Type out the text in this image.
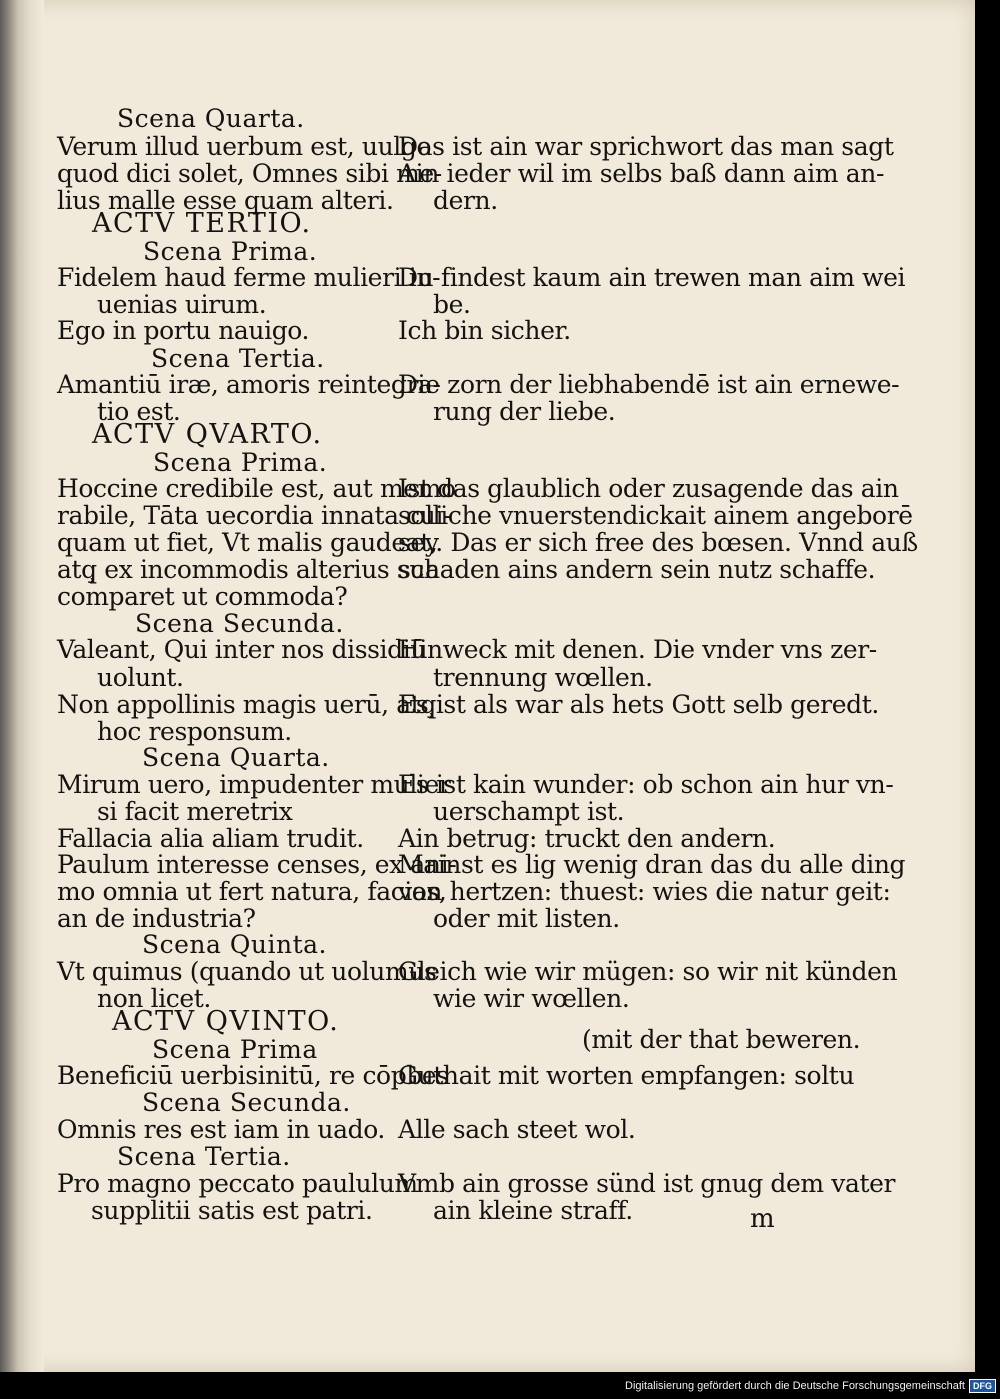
Scena Quarta.
Verum illud uerbum est, uulgo
quod dici solet, Omnes sibi me-
lius malle esse quam alteri.
ACTV TERTIO.
Scena Prima.
Fidelem haud ferme mulieri in-
uenias uirum.
Ego in portu nauigo.
Scena Tertia.
Amantiū iræ, amoris reintegra-
tio est.
ACTV QVARTO.
Scena Prima.
Hoccine credibile est, aut memo
rabile, Tāta uecordia innata cui-
quam ut fiet, Vt malis gaudeat,
atq̧ ex incommodis alterius sua
comparet ut commoda?
Scena Secunda.
Valeant, Qui inter nos dissidiū
uolunt.
Non appollinis magis uerū, atq̧
hoc responsum.
Scena Quarta.
Mirum uero, impudenter mulier
si facit meretrix
Fallacia alia aliam trudit.
Paulum interesse censes, ex ani-
mo omnia ut fert natura, facias,
an de industria?
Scena Quinta.
Vt quimus (quando ut uolumus
non licet.
ACTV QVINTO.
Scena Prima
Beneficiū uerbisinitū, re cōpbes
Scena Secunda.
Omnis res est iam in uado.
Scena Tertia.
Pro magno peccato paululum
supplitii satis est patri.
Das ist ain war sprichwort das man sagt
Ain ieder wil im selbs baß dann aim an-
dern.
Du findest kaum ain trewen man aim wei
be.
Ich bin sicher.
Die zorn der liebhabendē ist ain ernewe-
rung der liebe.
Ist das glaublich oder zusagende das ain
solliche vnuerstendickait ainem angeborē
sey. Das er sich free des bœsen. Vnnd auß
schaden ains andern sein nutz schaffe.
Hinweck mit denen. Die vnder vns zer-
trennung wœllen.
Es ist als war als hets Gott selb geredt.
Es ist kain wunder: ob schon ain hur vn-
uerschampt ist.
Ain betrug: truckt den andern.
Mainst es lig wenig dran das du alle ding
von hertzen: thuest: wies die natur geit:
oder mit listen.
Gleich wie wir mügen: so wir nit künden
wie wir wœllen.
(mit der that beweren.
Guthait mit worten empfangen: soltu
Alle sach steet wol.
Vmb ain grosse sünd ist gnug dem vater
ain kleine straff.	m
Digitalisierung gefördert durch die Deutsche Forschungsgemeinschaft DFG
